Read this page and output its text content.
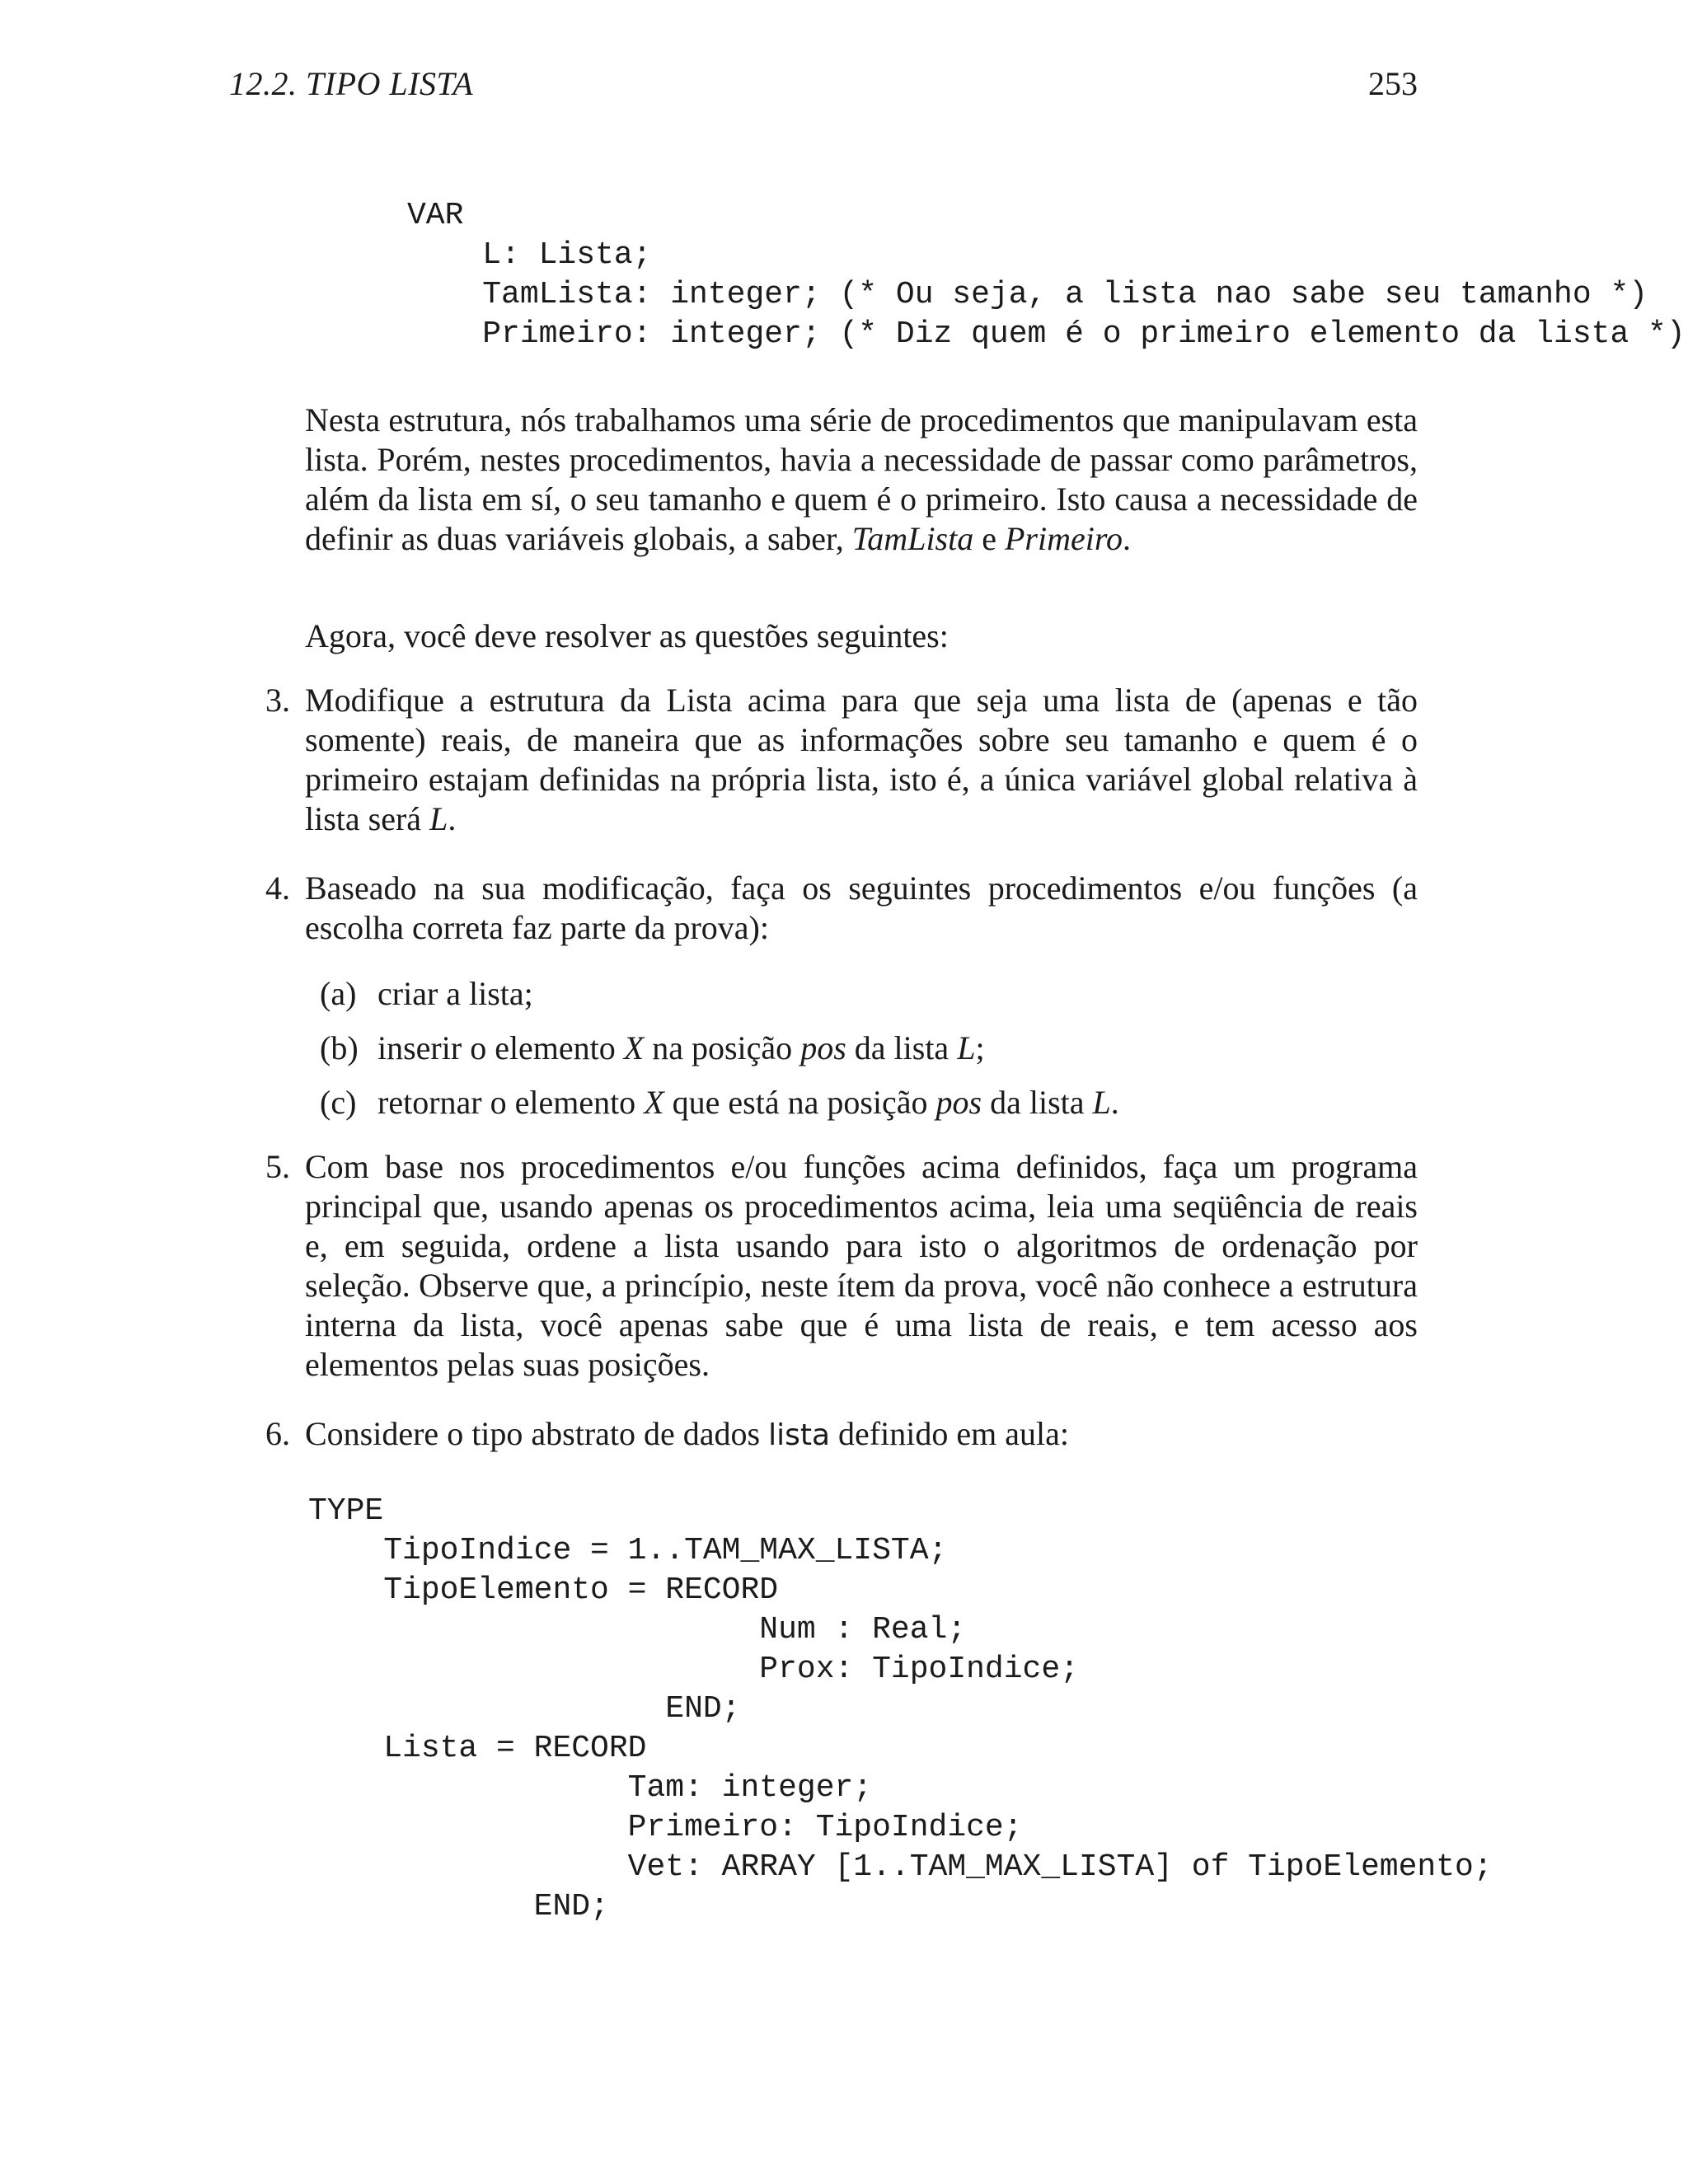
12.2. TIPO LISTA	253
VAR
L: Lista;
TamLista: integer; (* Ou seja, a lista nao sabe seu tamanho *)
Primeiro: integer; (* Diz quem é o primeiro elemento da lista *)

Nesta estrutura, nós trabalhamos uma série de procedimentos que manipulavam esta lista. Porém, nestes procedimentos, havia a necessidade de passar como parâmetros, além da lista em sí, o seu tamanho e quem é o primeiro. Isto causa a necessidade de definir as duas variáveis globais, a saber, TamLista e Primeiro.

Agora, você deve resolver as questões seguintes:

3. Modifique a estrutura da Lista acima para que seja uma lista de (apenas e tão somente) reais, de maneira que as informações sobre seu tamanho e quem é o primeiro estajam definidas na própria lista, isto é, a única variável global relativa à lista será L.
4. Baseado na sua modificação, faça os seguintes procedimentos e/ou funções (a escolha correta faz parte da prova):

(a) criar a lista;

(b) inserir o elemento X na posição pos da lista L;

(c) retornar o elemento X que está na posição pos da lista L.

5. Com base nos procedimentos e/ou funções acima definidos, faça um programa principal que, usando apenas os procedimentos acima, leia uma seqüência de reais e, em seguida, ordene a lista usando para isto o algoritmos de ordenação por seleção. Observe que, a princípio, neste ítem da prova, você não conhece a estrutura interna da lista, você apenas sabe que é uma lista de reais, e tem acesso aos elementos pelas suas posições.
6. Considere o tipo abstrato de dados lista definido em aula:
TYPE
TipoIndice = 1..TAM_MAX_LISTA;
TipoElemento = RECORD
Num : Real;
Prox: TipoIndice;
END;
Lista = RECORD
Tam: integer;
Primeiro: TipoIndice;
Vet: ARRAY [1..TAM_MAX_LISTA] of TipoElemento;
END;
